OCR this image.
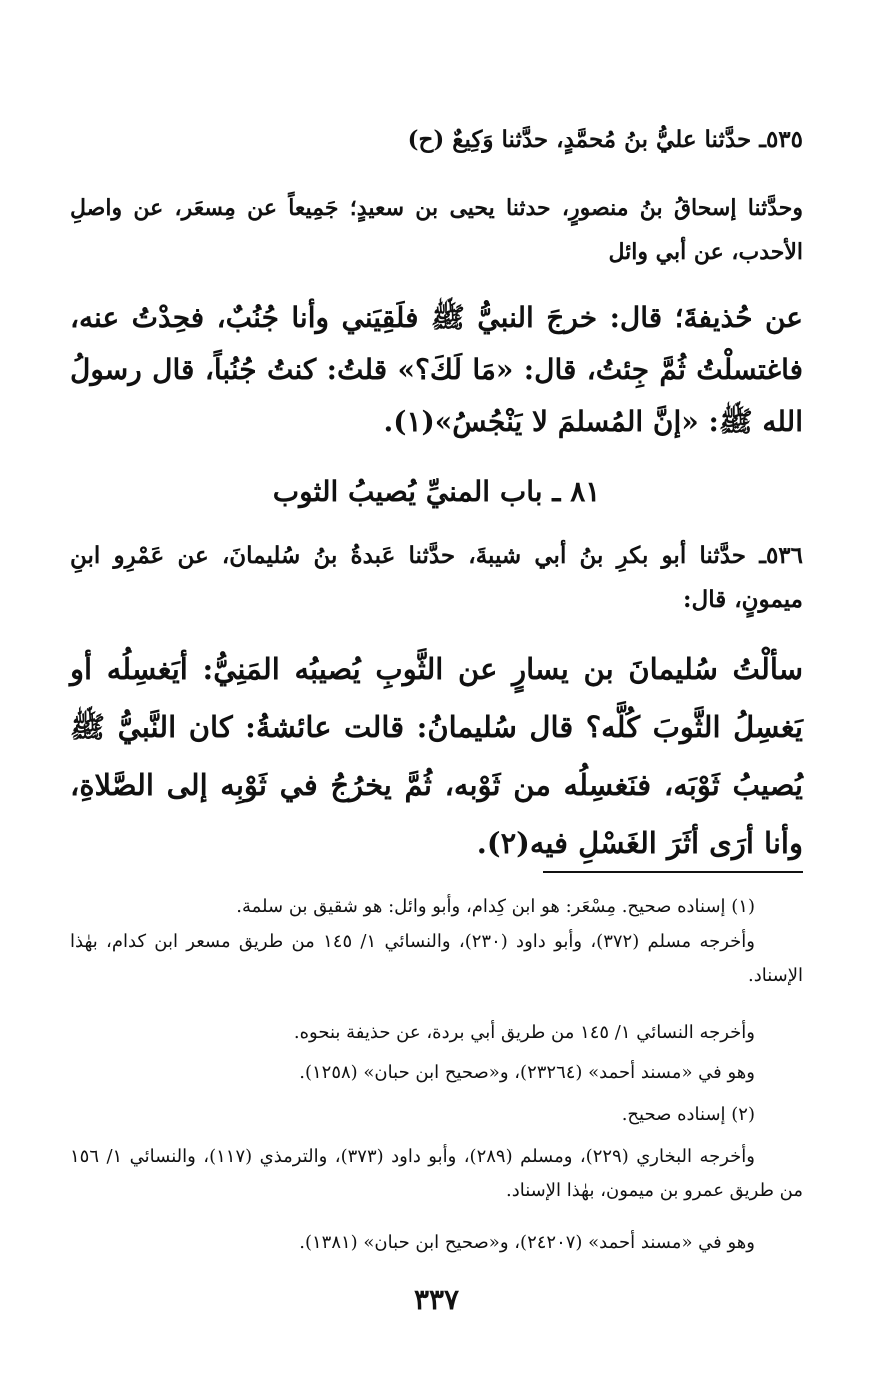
٥٣٥ـ حدَّثنا عليُّ بنُ مُحمَّدٍ، حدَّثنا وَكِيعٌ (ح)
وحدَّثنا إسحاقُ بنُ منصورٍ، حدثنا يحيى بن سعيدٍ؛ جَمِيعاً عن مِسعَر، عن واصلِ الأحدب، عن أبي وائل
عن حُذيفةَ؛ قال: خرجَ النبيُّ ﷺ فلَقِيَني وأنا جُنُبٌ، فحِدْتُ عنه، فاغتسلْتُ ثُمَّ جِئتُ، قال: «مَا لَكَ؟» قلتُ: كنتُ جُنُباً، قال رسولُ الله ﷺ: «إنَّ المُسلمَ لا يَنْجُسُ»(١).
٨١ ـ باب المنيِّ يُصيبُ الثوب
٥٣٦ـ حدَّثنا أبو بكرِ بنُ أبي شيبةَ، حدَّثنا عَبدةُ بنُ سُليمانَ، عن عَمْرِو ابنِ ميمونٍ، قال:
سألْتُ سُليمانَ بن يسارٍ عن الثَّوبِ يُصيبُه المَنِيُّ: أيَغسِلُه أو يَغسِلُ الثَّوبَ كُلَّه؟ قال سُليمانُ: قالت عائشةُ: كان النَّبيُّ ﷺ يُصيبُ ثَوْبَه، فنَغسِلُه من ثَوْبه، ثُمَّ يخرُجُ في ثَوْبِه إلى الصَّلاةِ، وأنا أرَى أثَرَ الغَسْلِ فيه(٢).
(١) إسناده صحيح. مِسْعَر: هو ابن كِدام، وأبو وائل: هو شقيق بن سلمة.
وأخرجه مسلم (٣٧٢)، وأبو داود (٢٣٠)، والنسائي ١/ ١٤٥ من طريق مسعر ابن كدام، بهٰذا الإسناد.
وأخرجه النسائي ١/ ١٤٥ من طريق أبي بردة، عن حذيفة بنحوه.
وهو في «مسند أحمد» (٢٣٢٦٤)، و«صحيح ابن حبان» (١٢٥٨).
(٢) إسناده صحيح.
وأخرجه البخاري (٢٢٩)، ومسلم (٢٨٩)، وأبو داود (٣٧٣)، والترمذي (١١٧)، والنسائي ١/ ١٥٦ من طريق عمرو بن ميمون، بهٰذا الإسناد.
وهو في «مسند أحمد» (٢٤٢٠٧)، و«صحيح ابن حبان» (١٣٨١).
٣٣٧
